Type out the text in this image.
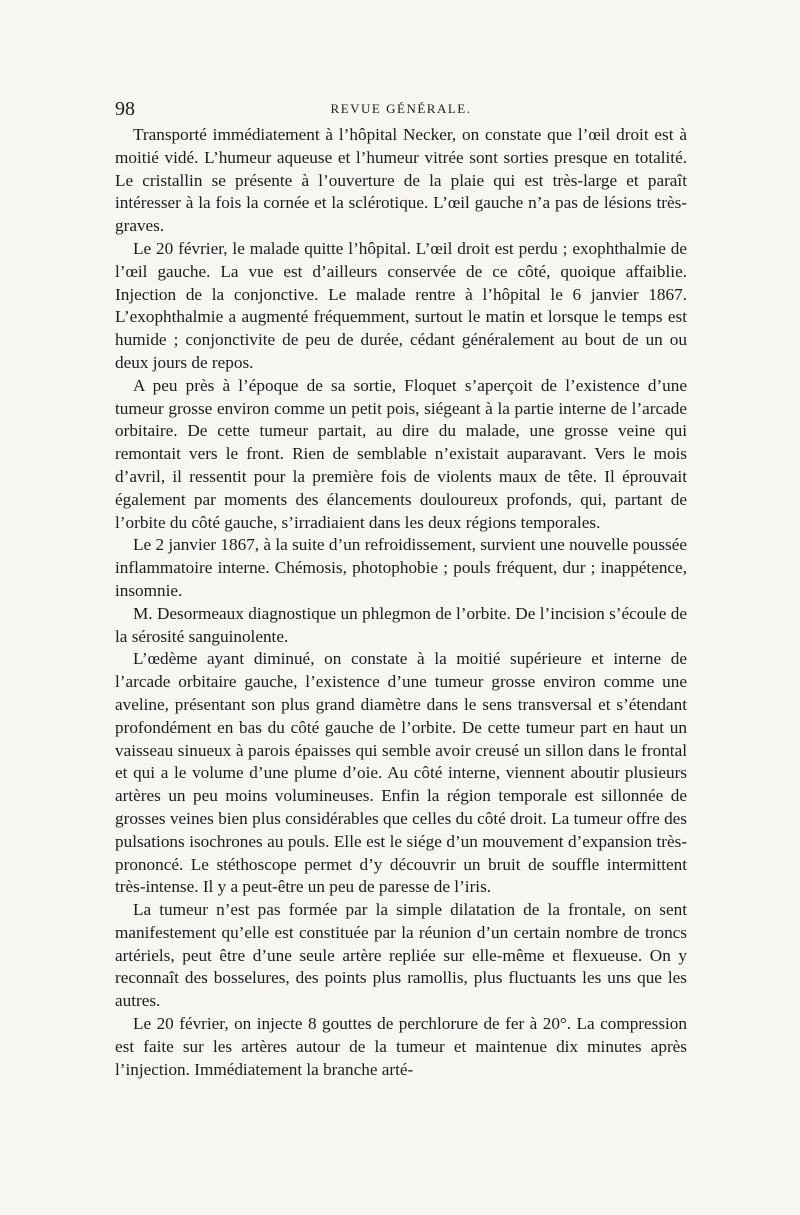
98	REVUE GÉNÉRALE.

Transporté immédiatement à l’hôpital Necker, on constate que l’œil droit est à moitié vidé. L’humeur aqueuse et l’humeur vitrée sont sorties presque en totalité. Le cristallin se présente à l’ouverture de la plaie qui est très-large et paraît intéresser à la fois la cornée et la sclérotique. L’œil gauche n’a pas de lésions très-graves.

Le 20 février, le malade quitte l’hôpital. L’œil droit est perdu ; exophthalmie de l’œil gauche. La vue est d’ailleurs conservée de ce côté, quoique affaiblie. Injection de la conjonctive. Le malade rentre à l’hôpital le 6 janvier 1867. L’exophthalmie a augmenté fréquemment, surtout le matin et lorsque le temps est humide ; conjonctivite de peu de durée, cédant généralement au bout de un ou deux jours de repos.

A peu près à l’époque de sa sortie, Floquet s’aperçoit de l’existence d’une tumeur grosse environ comme un petit pois, siégeant à la partie interne de l’arcade orbitaire. De cette tumeur partait, au dire du malade, une grosse veine qui remontait vers le front. Rien de semblable n’existait auparavant. Vers le mois d’avril, il ressentit pour la première fois de violents maux de tête. Il éprouvait également par moments des élancements douloureux profonds, qui, partant de l’orbite du côté gauche, s’irradiaient dans les deux régions temporales.

Le 2 janvier 1867, à la suite d’un refroidissement, survient une nouvelle poussée inflammatoire interne. Chémosis, photophobie ; pouls fréquent, dur ; inappétence, insomnie.

M. Desormeaux diagnostique un phlegmon de l’orbite. De l’incision s’écoule de la sérosité sanguinolente.

L’œdème ayant diminué, on constate à la moitié supérieure et interne de l’arcade orbitaire gauche, l’existence d’une tumeur grosse environ comme une aveline, présentant son plus grand diamètre dans le sens transversal et s’étendant profondément en bas du côté gauche de l’orbite. De cette tumeur part en haut un vaisseau sinueux à parois épaisses qui semble avoir creusé un sillon dans le frontal et qui a le volume d’une plume d’oie. Au côté interne, viennent aboutir plusieurs artères un peu moins volumineuses. Enfin la région temporale est sillonnée de grosses veines bien plus considérables que celles du côté droit. La tumeur offre des pulsations isochrones au pouls. Elle est le siége d’un mouvement d’expansion très-prononcé. Le stéthoscope permet d’y découvrir un bruit de souffle intermittent très-intense. Il y a peut-être un peu de paresse de l’iris.

La tumeur n’est pas formée par la simple dilatation de la frontale, on sent manifestement qu’elle est constituée par la réunion d’un certain nombre de troncs artériels, peut être d’une seule artère repliée sur elle-même et flexueuse. On y reconnaît des bosselures, des points plus ramollis, plus fluctuants les uns que les autres.

Le 20 février, on injecte 8 gouttes de perchlorure de fer à 20°. La compression est faite sur les artères autour de la tumeur et maintenue dix minutes après l’injection. Immédiatement la branche arté-
